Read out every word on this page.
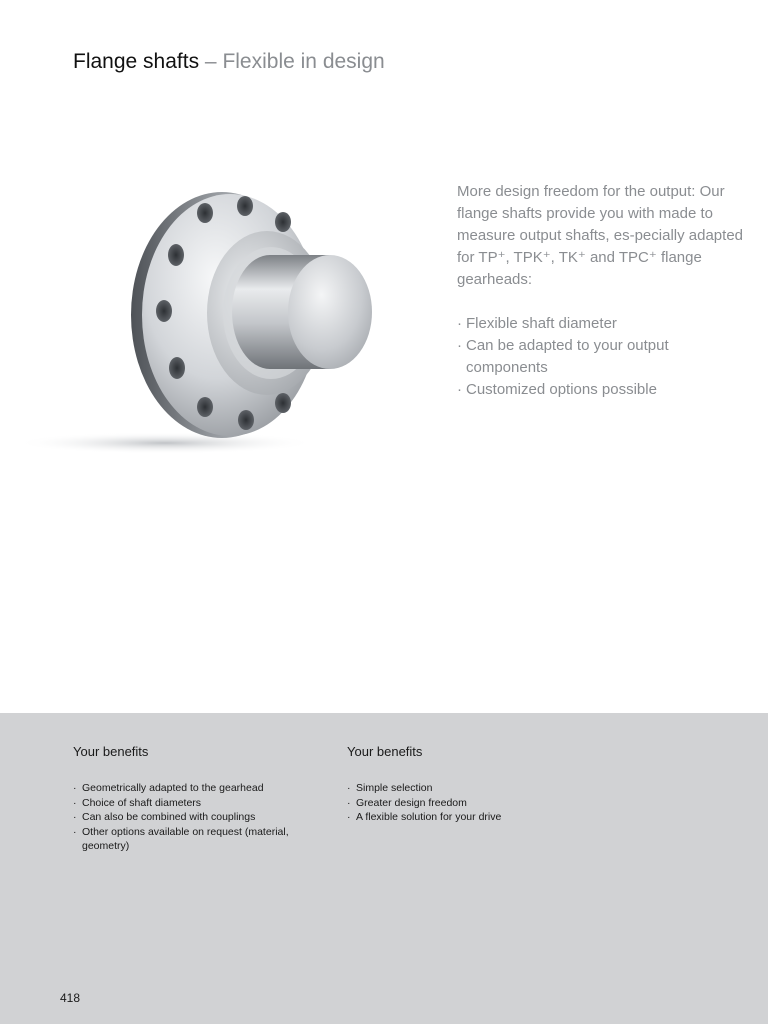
Flange shafts – Flexible in design

More design freedom for the output: Our flange shafts provide you with made to measure output shafts, es-pecially adapted for TP⁺, TPK⁺, TK⁺ and TPC⁺ flange gearheads:

· Flexible shaft diameter
· Can be adapted to your output components
· Customized options possible
Your benefits
· Geometrically adapted to the gearhead
· Choice of shaft diameters
· Can also be combined with couplings
· Other options available on request (material, geometry)
Your benefits
· Simple selection
· Greater design freedom
· A flexible solution for your drive
418
